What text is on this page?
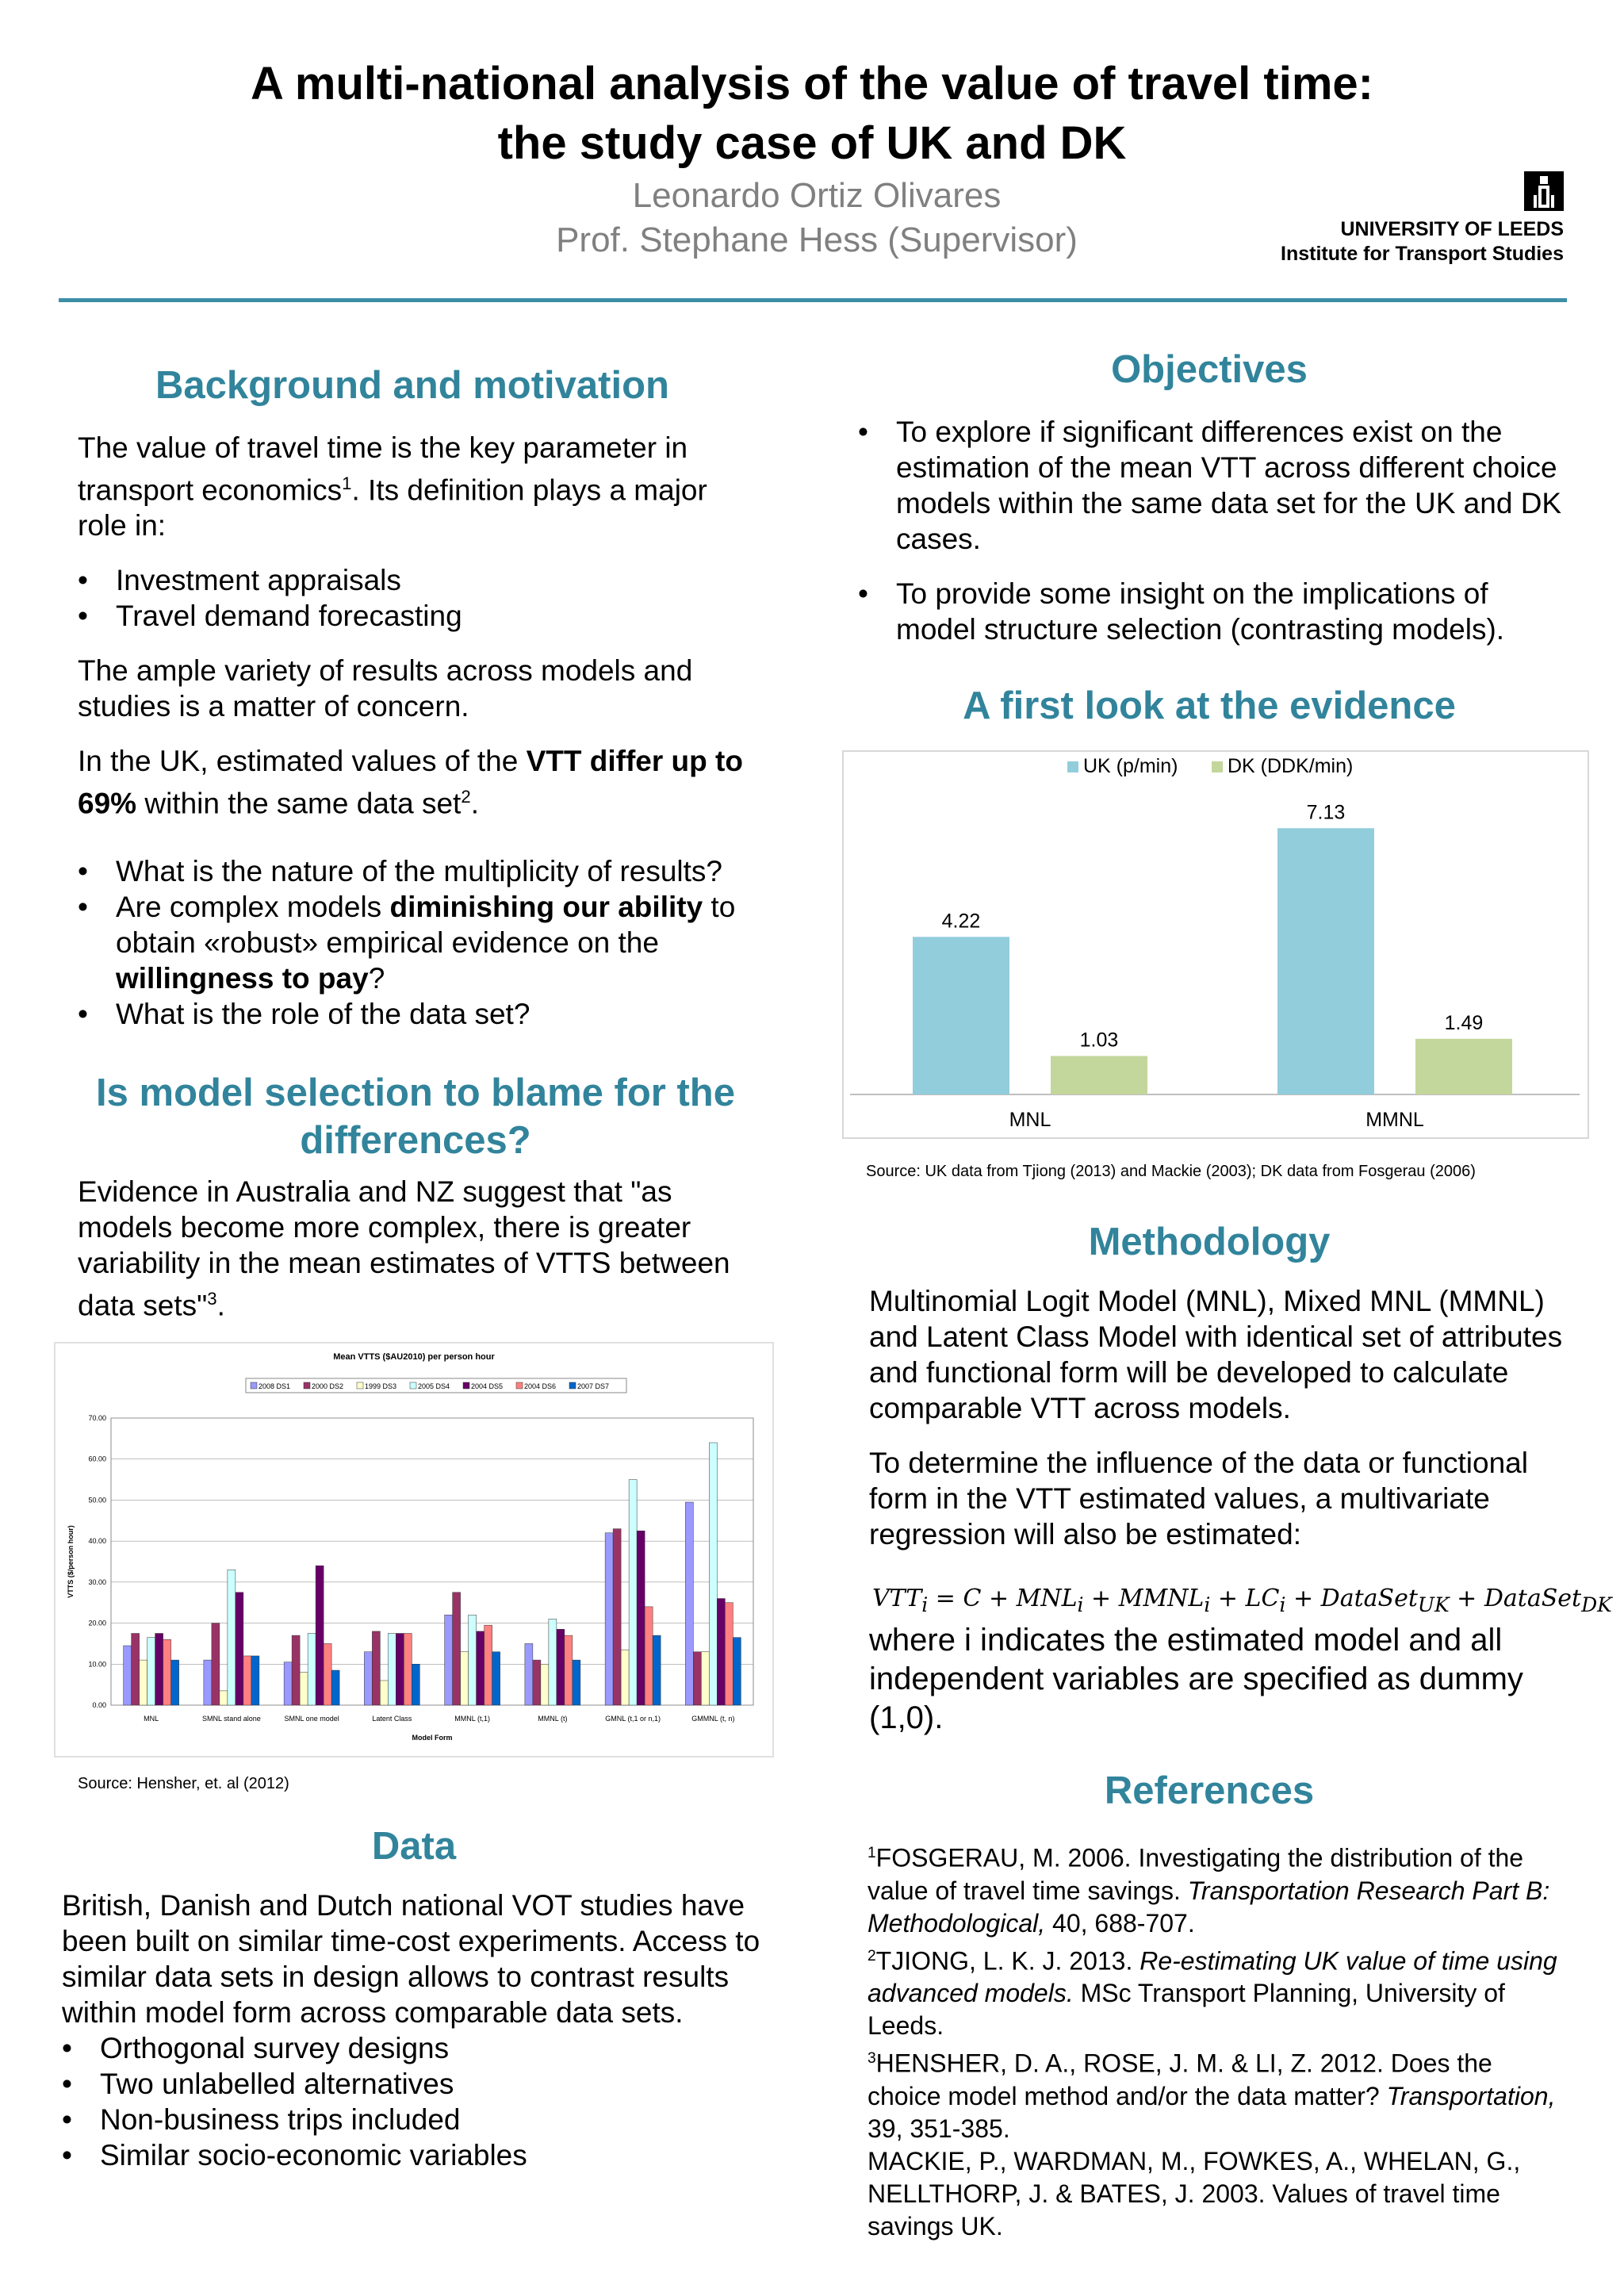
A multi-national analysis of the value of travel time:
the study case of UK and DK
Leonardo Ortiz Olivares
Prof. Stephane Hess (Supervisor)	UNIVERSITY OF LEEDS
Institute for Transport Studies
Background and motivation

The value of travel time is the key parameter in transport economics$^1$. Its definition plays a major role in:

• Investment appraisals
• Travel demand forecasting

The ample variety of results across models and studies is a matter of concern.

In the UK, estimated values of the VTT differ up to 69% within the same data set$^2$.

• What is the nature of the multiplicity of results?
• Are complex models diminishing our ability to obtain «robust» empirical evidence on the willingness to pay?
• What is the role of the data set?
Is model selection to blame for the differences?

Evidence in Australia and NZ suggest that "as models become more complex, there is greater variability in the mean estimates of VTTS between data sets"$^3$.

Mean VTTS ($AU2010) per person hour
2008 DS1	2000 DS2	1999 DS3	2005 DS4	2004 DS5	2004 DS6	2007 DS7
0.00
10.00
20.00
30.00
40.00
50.00
60.00
70.00
VTTS ($/person hour)
MNL	SMNL stand alone	SMNL one model	Latent Class	MMNL (t,1)	MMNL (t)	GMNL (t,1 or n,1)	GMMNL (t, n)
Model Form
Source: Hensher, et. al (2012)
Data
British, Danish and Dutch national VOT studies have been built on similar time-cost experiments. Access to similar data sets in design allows to contrast results within model form across comparable data sets.
• Orthogonal survey designs
• Two unlabelled alternatives
• Non-business trips included
• Similar socio-economic variables
Objectives
• To explore if significant differences exist on the estimation of the mean VTT across different choice models within the same data set for the UK and DK cases.
• To provide some insight on the implications of model structure selection (contrasting models).
A first look at the evidence
UK (p/min)	DK (DDK/min)
4.22
1.03
MNL
7.13
1.49
MMNL
Source: UK data from Tjiong (2013) and Mackie (2003); DK data from Fosgerau (2006)
Methodology

Multinomial Logit Model (MNL), Mixed MNL (MMNL) and Latent Class Model with identical set of attributes and functional form will be developed to calculate comparable VTT across models.

To determine the influence of the data or functional form in the VTT estimated values, a multivariate regression will also be estimated:

$VTT_i = C + MNL_i$ + $MMNL_i + LC_i$ + DataSet$_{UK}$ + DataSet$_{DK}$
where i indicates the estimated model and all independent variables are specified as dummy (1,0).
References
$^1$FOSGERAU, M. 2006. Investigating the distribution of the value of travel time savings. Transportation Research Part B: Methodological, 40, 688-707.
$^2$TJIONG, L. K. J. 2013. Re-estimating UK value of time using advanced models. MSc Transport Planning, University of Leeds.
$^3$HENSHER, D. A., ROSE, J. M. & LI, Z. 2012. Does the choice model method and/or the data matter? Transportation, 39, 351-385.
MACKIE, P., WARDMAN, M., FOWKES, A., WHELAN, G., NELLTHORP, J. & BATES, J. 2003. Values of travel time savings UK.
